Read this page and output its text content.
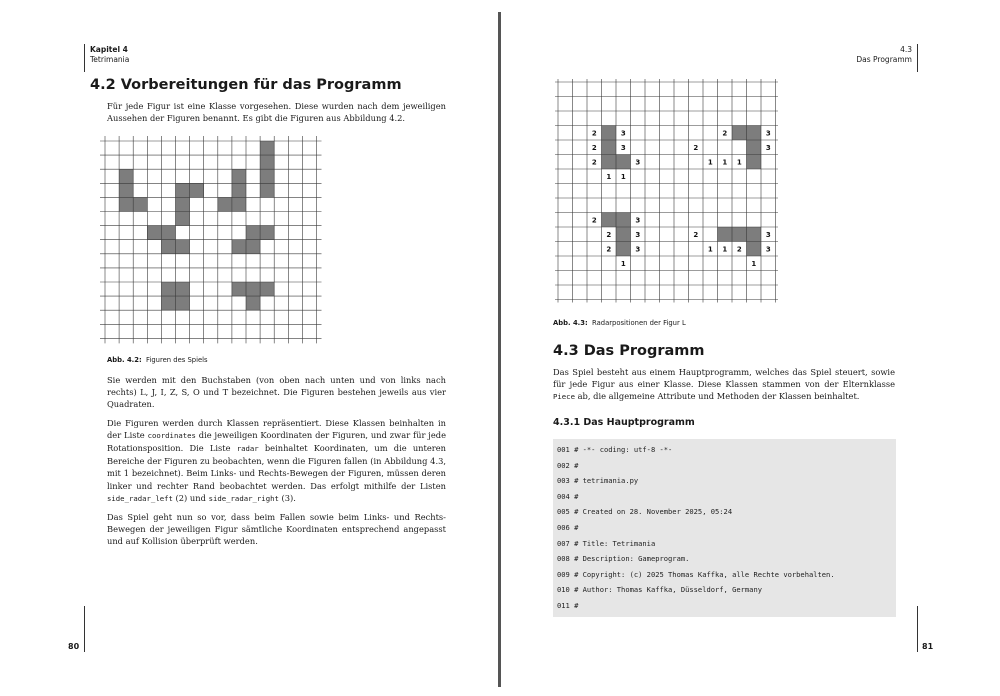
Kapitel 4
Tetrimania
4.2 Vorbereitungen für das Programm

Für jede Figur ist eine Klasse vorgesehen. Diese wurden nach dem jeweiligen Aussehen der Figuren benannt. Es gibt die Figuren aus Abbildung 4.2.

Abb. 4.2: Figuren des Spiels

Sie werden mit den Buchstaben (von oben nach unten und von links nach rechts) L, J, I, Z, S, O und T bezeichnet. Die Figuren bestehen jeweils aus vier Quadraten.

Die Figuren werden durch Klassen repräsentiert. Diese Klassen beinhalten in der Liste coordinates die jeweiligen Koordinaten der Figuren, und zwar für jede Rotationsposition. Die Liste radar beinhaltet Koordinaten, um die unteren Bereiche der Figuren zu beobachten, wenn die Figuren fallen (in Abbildung 4.3, mit 1 bezeichnet). Beim Links- und Rechts-Bewegen der Figuren, müssen deren linker und rechter Rand beobachtet werden. Das erfolgt mithilfe der Listen side_radar_left (2) und side_radar_right (3).

Das Spiel geht nun so vor, dass beim Fallen sowie beim Links- und Rechts-Bewegen der jeweiligen Figur sämtliche Koordinaten entsprechend angepasst und auf Kollision überprüft werden.

80
4.3
Das Programm
2	3
2	3
2	3
1 1
2	3
2	3
1 1 1
2	3
2	3
2	3
1
2	3
1 1 2	3
1
Abb. 4.3: Radarpositionen der Figur L
4.3 Das Programm

Das Spiel besteht aus einem Hauptprogramm, welches das Spiel steuert, sowie für jede Figur aus einer Klasse. Diese Klassen stammen von der Elternklasse Piece ab, die allgemeine Attribute und Methoden der Klassen beinhaltet.

4.3.1 Das Hauptprogramm
001 # -*- coding: utf-8 -*-
002 #
003 # tetrimania.py
004 #
005 # Created on 28. November 2025, 05:24
006 #
007 # Title: Tetrimania
008 # Description: Gameprogram.
009 # Copyright: (c) 2025 Thomas Kaffka, alle Rechte vorbehalten.
010 # Author: Thomas Kaffka, Düsseldorf, Germany
011 #
81
